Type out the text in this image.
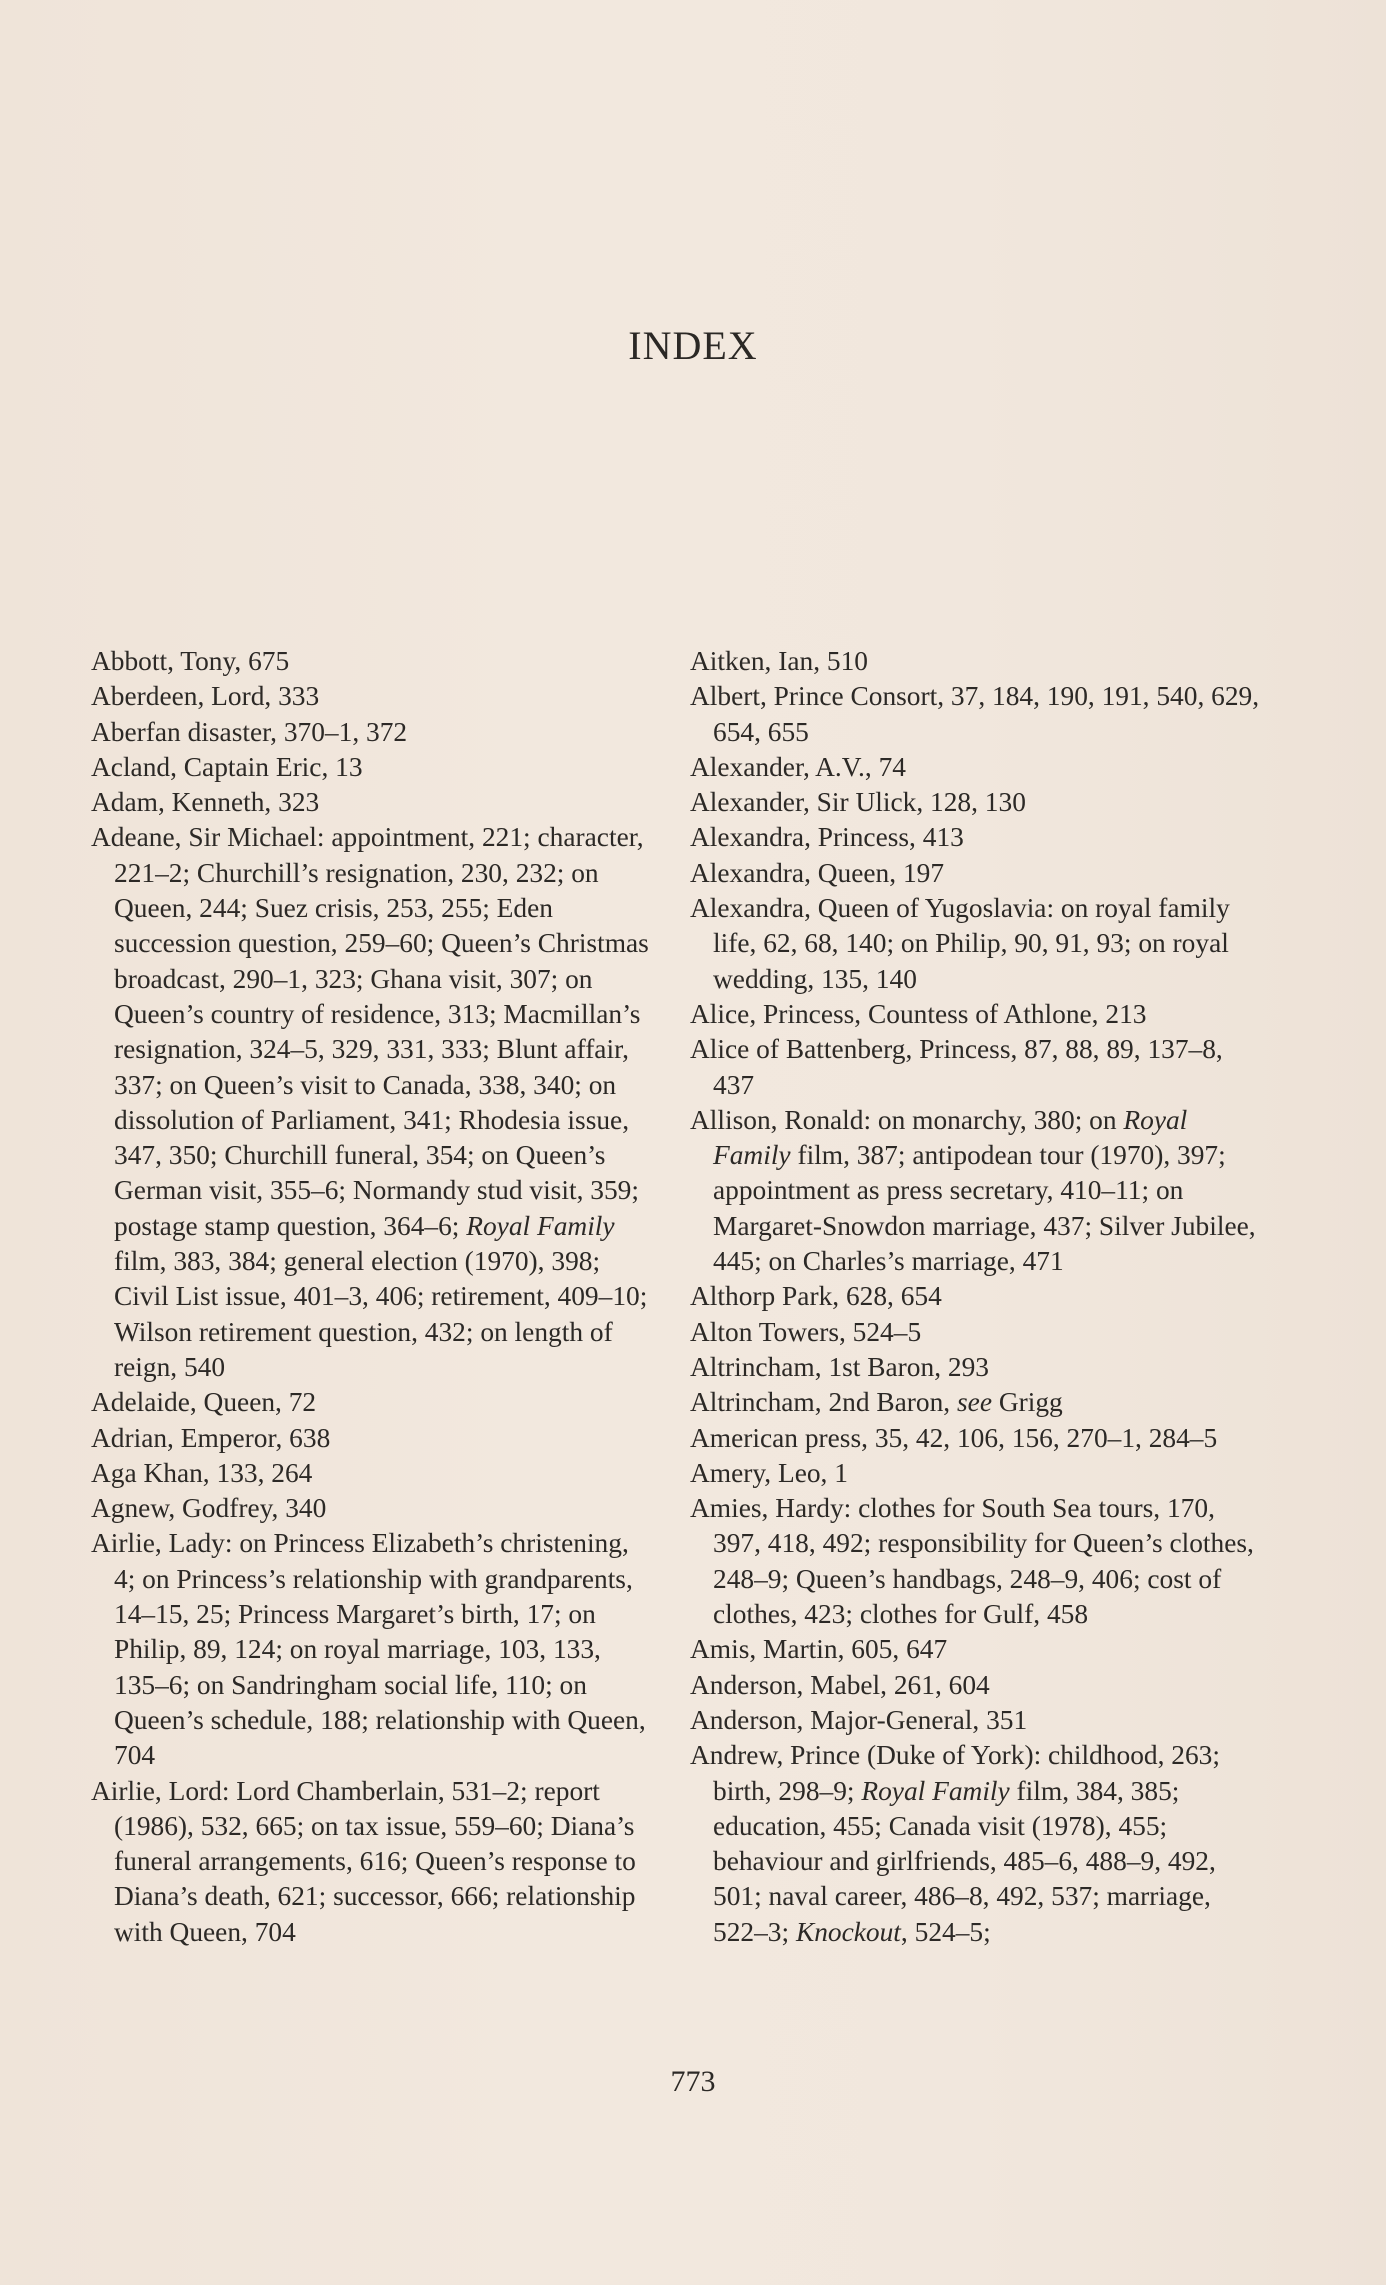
INDEX
Abbott, Tony, 675
Aberdeen, Lord, 333
Aberfan disaster, 370–1, 372
Acland, Captain Eric, 13
Adam, Kenneth, 323
Adeane, Sir Michael: appointment, 221; character, 221–2; Churchill’s resignation, 230, 232; on Queen, 244; Suez crisis, 253, 255; Eden succession question, 259–60; Queen’s Christmas broadcast, 290–1, 323; Ghana visit, 307; on Queen’s country of residence, 313; Macmillan’s resignation, 324–5, 329, 331, 333; Blunt affair, 337; on Queen’s visit to Canada, 338, 340; on dissolution of Parliament, 341; Rhodesia issue, 347, 350; Churchill funeral, 354; on Queen’s German visit, 355–6; Normandy stud visit, 359; postage stamp question, 364–6; Royal Family film, 383, 384; general election (1970), 398; Civil List issue, 401–3, 406; retirement, 409–10; Wilson retirement question, 432; on length of reign, 540
Adelaide, Queen, 72
Adrian, Emperor, 638
Aga Khan, 133, 264
Agnew, Godfrey, 340
Airlie, Lady: on Princess Elizabeth’s christening, 4; on Princess’s relationship with grandparents, 14–15, 25; Princess Margaret’s birth, 17; on Philip, 89, 124; on royal marriage, 103, 133, 135–6; on Sandringham social life, 110; on Queen’s schedule, 188; relationship with Queen, 704
Airlie, Lord: Lord Chamberlain, 531–2; report (1986), 532, 665; on tax issue, 559–60; Diana’s funeral arrangements, 616; Queen’s response to Diana’s death, 621; successor, 666; relationship with Queen, 704
Aitken, Ian, 510
Albert, Prince Consort, 37, 184, 190, 191, 540, 629, 654, 655
Alexander, A.V., 74
Alexander, Sir Ulick, 128, 130
Alexandra, Princess, 413
Alexandra, Queen, 197
Alexandra, Queen of Yugoslavia: on royal family life, 62, 68, 140; on Philip, 90, 91, 93; on royal wedding, 135, 140
Alice, Princess, Countess of Athlone, 213
Alice of Battenberg, Princess, 87, 88, 89, 137–8, 437
Allison, Ronald: on monarchy, 380; on Royal Family film, 387; antipodean tour (1970), 397; appointment as press secretary, 410–11; on Margaret-Snowdon marriage, 437; Silver Jubilee, 445; on Charles’s marriage, 471
Althorp Park, 628, 654
Alton Towers, 524–5
Altrincham, 1st Baron, 293
Altrincham, 2nd Baron, see Grigg
American press, 35, 42, 106, 156, 270–1, 284–5
Amery, Leo, 1
Amies, Hardy: clothes for South Sea tours, 170, 397, 418, 492; responsibility for Queen’s clothes, 248–9; Queen’s handbags, 248–9, 406; cost of clothes, 423; clothes for Gulf, 458
Amis, Martin, 605, 647
Anderson, Mabel, 261, 604
Anderson, Major-General, 351
Andrew, Prince (Duke of York): childhood, 263; birth, 298–9; Royal Family film, 384, 385; education, 455; Canada visit (1978), 455; behaviour and girlfriends, 485–6, 488–9, 492, 501; naval career, 486–8, 492, 537; marriage, 522–3; Knockout, 524–5;
773
